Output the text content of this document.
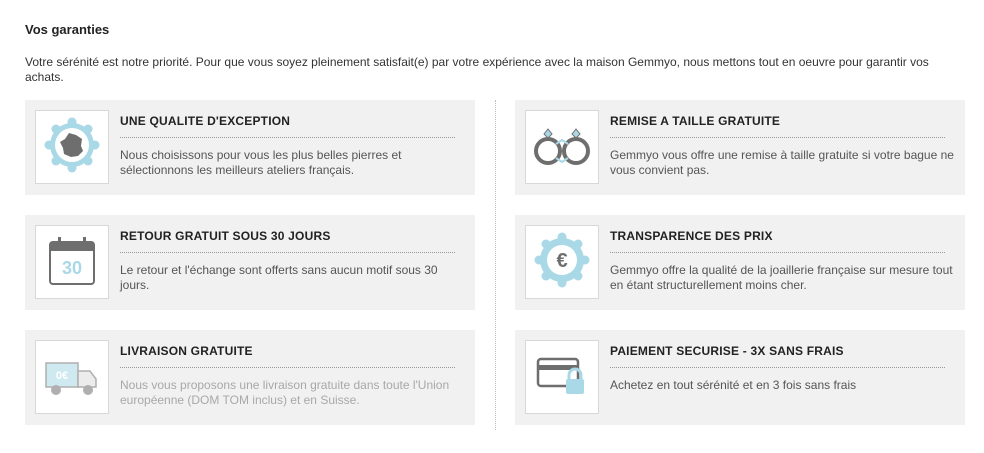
Vos garanties
Votre sérénité est notre priorité. Pour que vous soyez pleinement satisfait(e) par votre expérience avec la maison Gemmyo, nous mettons tout en oeuvre pour garantir vos achats.
UNE QUALITE D'EXCEPTION
Nous choisissons pour vous les plus belles pierres et sélectionnons les meilleurs ateliers français.
REMISE A TAILLE GRATUITE
Gemmyo vous offre une remise à taille gratuite si votre bague ne vous convient pas.
30
RETOUR GRATUIT SOUS 30 JOURS
Le retour et l'échange sont offerts sans aucun motif sous 30 jours.
€
TRANSPARENCE DES PRIX
Gemmyo offre la qualité de la joaillerie française sur mesure tout en étant structurellement moins cher.
0€
LIVRAISON GRATUITE
Nous vous proposons une livraison gratuite dans toute l'Union européenne (DOM TOM inclus) et en Suisse.
PAIEMENT SECURISE - 3X SANS FRAIS
Achetez en tout sérénité et en 3 fois sans frais
